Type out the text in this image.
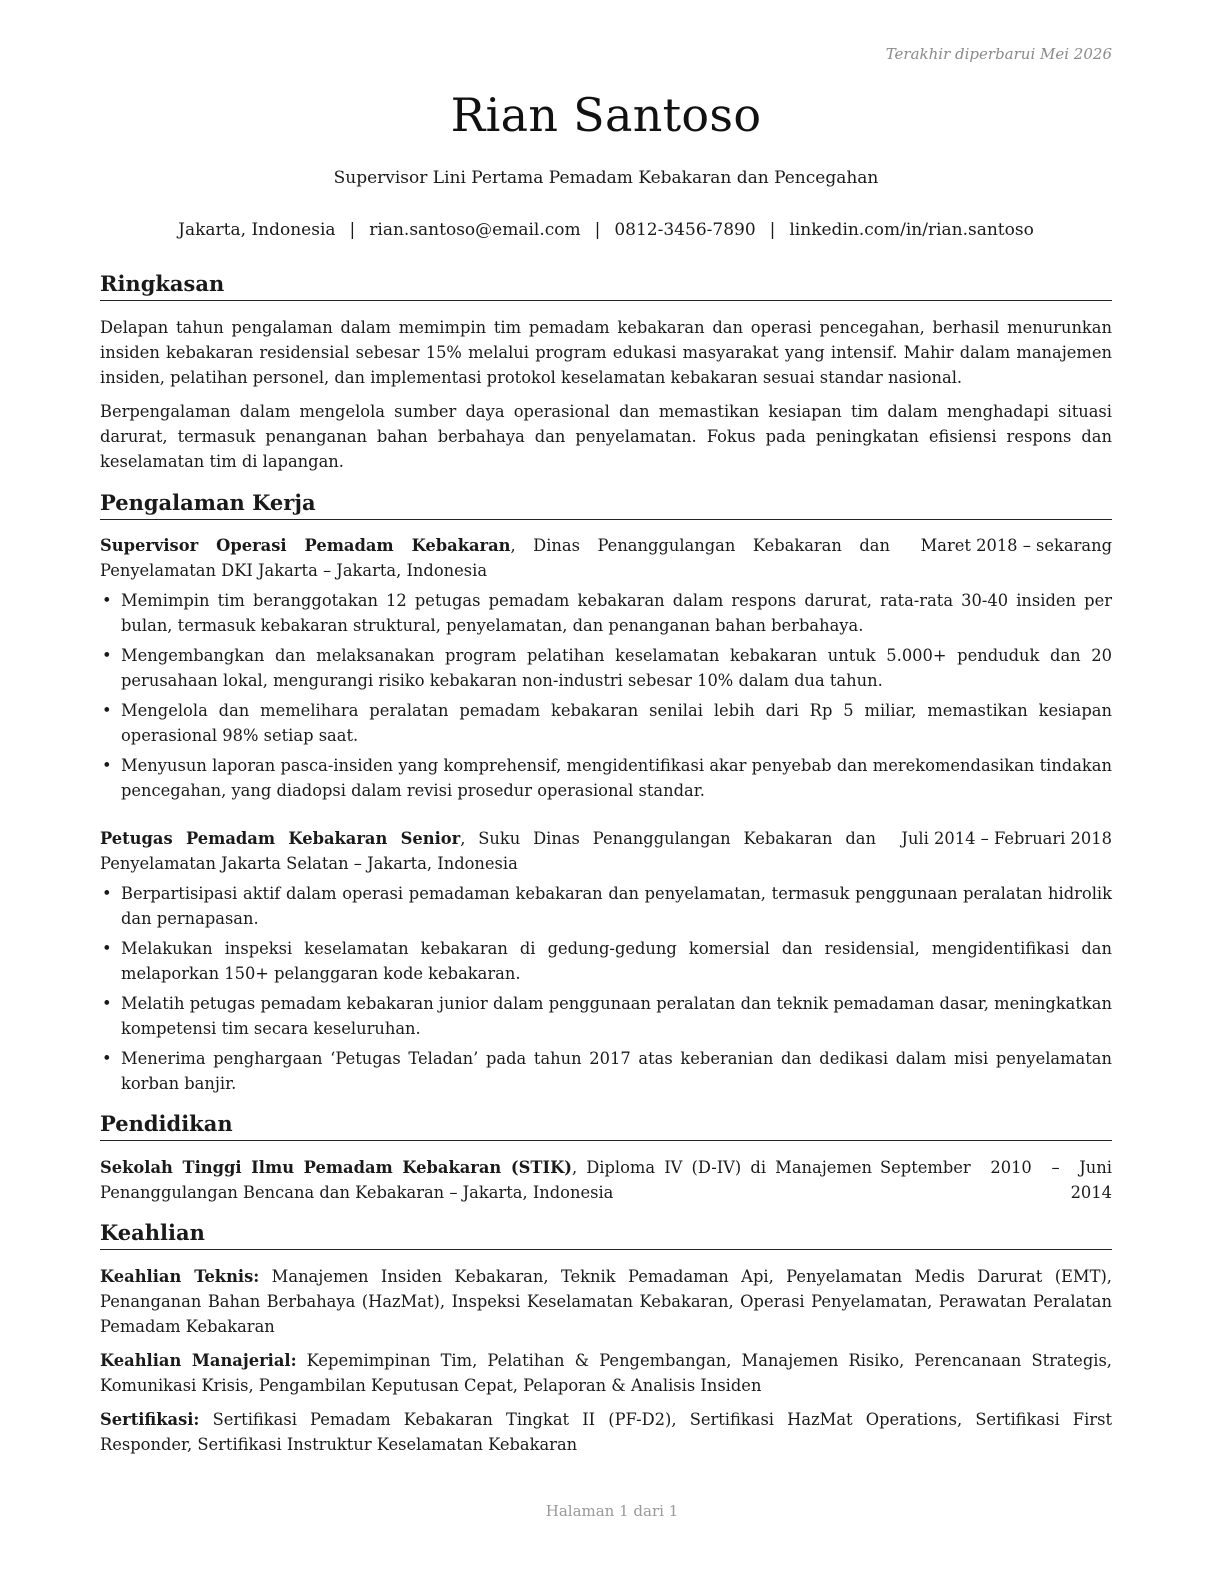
Terakhir diperbarui Mei 2026
Rian Santoso
Supervisor Lini Pertama Pemadam Kebakaran dan Pencegahan
Jakarta, Indonesia | rian.santoso@email.com | 0812-3456-7890 | linkedin.com/in/rian.santoso
Ringkasan
Delapan tahun pengalaman dalam memimpin tim pemadam kebakaran dan operasi pencegahan, berhasil menurunkan insiden kebakaran residensial sebesar 15% melalui program edukasi masyarakat yang intensif. Mahir dalam manajemen insiden, pelatihan personel, dan implementasi protokol keselamatan kebakaran sesuai standar nasional.
Berpengalaman dalam mengelola sumber daya operasional dan memastikan kesiapan tim dalam menghadapi situasi darurat, termasuk penanganan bahan berbahaya dan penyelamatan. Fokus pada peningkatan efisiensi respons dan keselamatan tim di lapangan.
Pengalaman Kerja
Supervisor Operasi Pemadam Kebakaran, Dinas Penanggulangan Kebakaran dan Penyelamatan DKI Jakarta – Jakarta, Indonesia
Maret 2018 – sekarang
• Memimpin tim beranggotakan 12 petugas pemadam kebakaran dalam respons darurat, rata-rata 30-40 insiden per bulan, termasuk kebakaran struktural, penyelamatan, dan penanganan bahan berbahaya.
• Mengembangkan dan melaksanakan program pelatihan keselamatan kebakaran untuk 5.000+ penduduk dan 20 perusahaan lokal, mengurangi risiko kebakaran non-industri sebesar 10% dalam dua tahun.
• Mengelola dan memelihara peralatan pemadam kebakaran senilai lebih dari Rp 5 miliar, memastikan kesiapan operasional 98% setiap saat.
• Menyusun laporan pasca-insiden yang komprehensif, mengidentifikasi akar penyebab dan merekomendasikan tindakan pencegahan, yang diadopsi dalam revisi prosedur operasional standar.
Petugas Pemadam Kebakaran Senior, Suku Dinas Penanggulangan Kebakaran dan Penyelamatan Jakarta Selatan – Jakarta, Indonesia
Juli 2014 – Februari 2018
• Berpartisipasi aktif dalam operasi pemadaman kebakaran dan penyelamatan, termasuk penggunaan peralatan hidrolik dan pernapasan.
• Melakukan inspeksi keselamatan kebakaran di gedung-gedung komersial dan residensial, mengidentifikasi dan melaporkan 150+ pelanggaran kode kebakaran.
• Melatih petugas pemadam kebakaran junior dalam penggunaan peralatan dan teknik pemadaman dasar, meningkatkan kompetensi tim secara keseluruhan.
• Menerima penghargaan ‘Petugas Teladan’ pada tahun 2017 atas keberanian dan dedikasi dalam misi penyelamatan korban banjir.
Pendidikan
Sekolah Tinggi Ilmu Pemadam Kebakaran (STIK), Diploma IV (D-IV) di Manajemen Penanggulangan Bencana dan Kebakaran – Jakarta, Indonesia
September 2010 – Juni
2014
Keahlian
Keahlian Teknis: Manajemen Insiden Kebakaran, Teknik Pemadaman Api, Penyelamatan Medis Darurat (EMT), Penanganan Bahan Berbahaya (HazMat), Inspeksi Keselamatan Kebakaran, Operasi Penyelamatan, Perawatan Peralatan Pemadam Kebakaran
Keahlian Manajerial: Kepemimpinan Tim, Pelatihan & Pengembangan, Manajemen Risiko, Perencanaan Strategis, Komunikasi Krisis, Pengambilan Keputusan Cepat, Pelaporan & Analisis Insiden
Sertifikasi: Sertifikasi Pemadam Kebakaran Tingkat II (PF-D2), Sertifikasi HazMat Operations, Sertifikasi First Responder, Sertifikasi Instruktur Keselamatan Kebakaran
Halaman 1 dari 1
